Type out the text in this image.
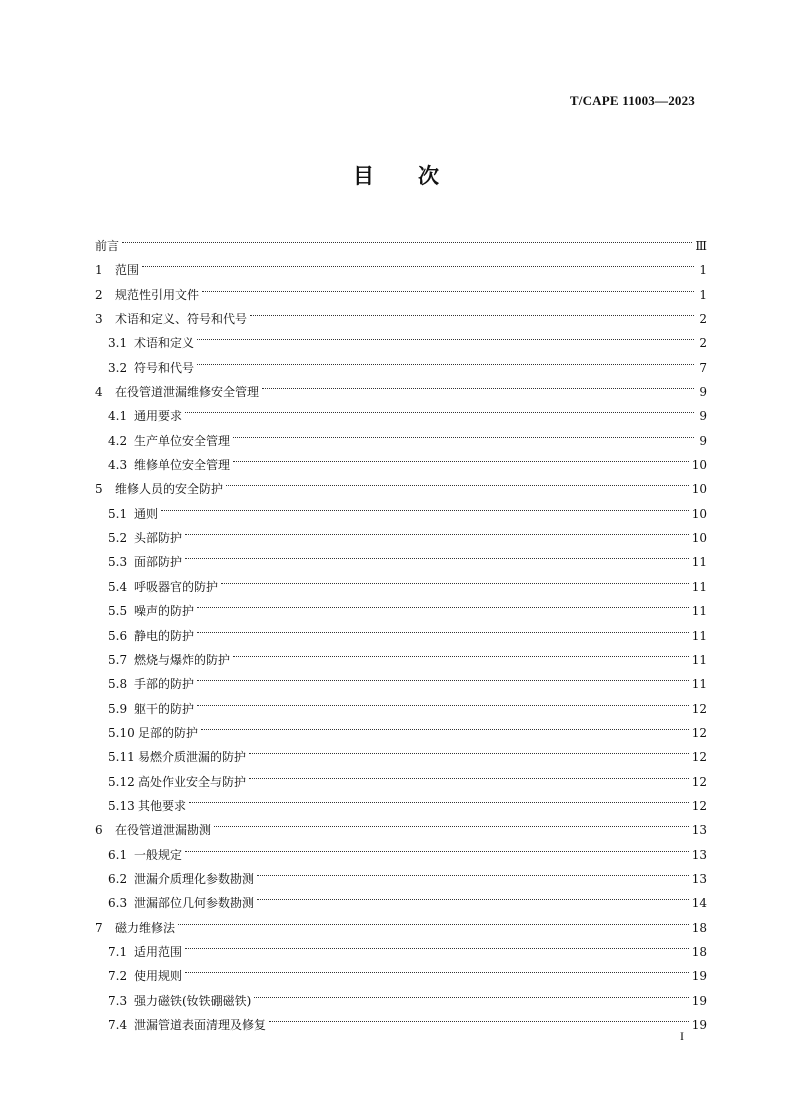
T/CAPE 11003—2023
目 次
前言	Ⅲ
1	范围	1
2	规范性引用文件	1
3	术语和定义、符号和代号	2
3.1 术语和定义	2
3.2 符号和代号	7
4	在役管道泄漏维修安全管理	9
4.1 通用要求	9
4.2 生产单位安全管理	9
4.3 维修单位安全管理	10
5	维修人员的安全防护	10
5.1 通则	10
5.2 头部防护	10
5.3 面部防护	11
5.4 呼吸器官的防护	11
5.5 噪声的防护	11
5.6 静电的防护	11
5.7 燃烧与爆炸的防护	11
5.8 手部的防护	11
5.9 躯干的防护	12
5.10 足部的防护	12
5.11 易燃介质泄漏的防护	12
5.12 高处作业安全与防护	12
5.13 其他要求	12
6	在役管道泄漏勘测	13
6.1 一般规定	13
6.2 泄漏介质理化参数勘测	13
6.3 泄漏部位几何参数勘测	14
7	磁力维修法	18
7.1 适用范围	18
7.2 使用规则	19
7.3 强力磁铁(钕铁硼磁铁)	19
7.4 泄漏管道表面清理及修复	19
I
